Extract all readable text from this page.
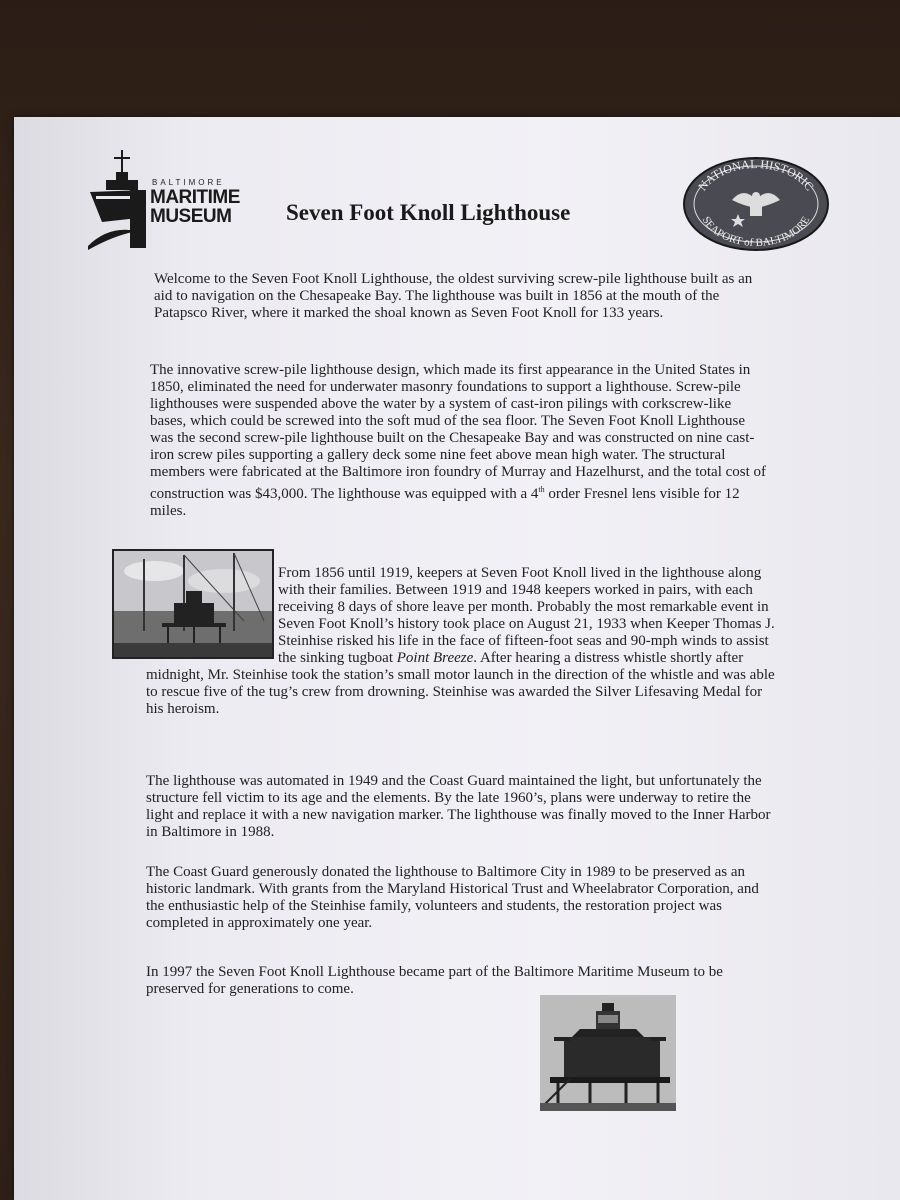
BALTIMORE
MARITIME
MUSEUM	Seven Foot Knoll Lighthouse
NATIONAL HISTORIC
SEAPORT of BALTIMORE

Welcome to the Seven Foot Knoll Lighthouse, the oldest surviving screw-pile lighthouse built as an aid to navigation on the Chesapeake Bay. The lighthouse was built in 1856 at the mouth of the Patapsco River, where it marked the shoal known as Seven Foot Knoll for 133 years.

The innovative screw-pile lighthouse design, which made its first appearance in the United States in 1850, eliminated the need for underwater masonry foundations to support a lighthouse. Screw-pile lighthouses were suspended above the water by a system of cast-iron pilings with corkscrew-like bases, which could be screwed into the soft mud of the sea floor. The Seven Foot Knoll Lighthouse was the second screw-pile lighthouse built on the Chesapeake Bay and was constructed on nine cast-iron screw piles supporting a gallery deck some nine feet above mean high water. The structural members were fabricated at the Baltimore iron foundry of Murray and Hazelhurst, and the total cost of construction was $43,000. The lighthouse was equipped with a 4th order Fresnel lens visible for 12 miles.

From 1856 until 1919, keepers at Seven Foot Knoll lived in the lighthouse along with their families. Between 1919 and 1948 keepers worked in pairs, with each receiving 8 days of shore leave per month. Probably the most remarkable event in Seven Foot Knoll’s history took place on August 21, 1933 when Keeper Thomas J. Steinhise risked his life in the face of fifteen-foot seas and 90-mph winds to assist the sinking tugboat Point Breeze. After hearing a distress whistle shortly after midnight, Mr. Steinhise took the station’s small motor launch in the direction of the whistle and was able to rescue five of the tug’s crew from drowning. Steinhise was awarded the Silver Lifesaving Medal for his heroism.

The lighthouse was automated in 1949 and the Coast Guard maintained the light, but unfortunately the structure fell victim to its age and the elements. By the late 1960’s, plans were underway to retire the light and replace it with a new navigation marker. The lighthouse was finally moved to the Inner Harbor in Baltimore in 1988.

The Coast Guard generously donated the lighthouse to Baltimore City in 1989 to be preserved as an historic landmark. With grants from the Maryland Historical Trust and Wheelabrator Corporation, and the enthusiastic help of the Steinhise family, volunteers and students, the restoration project was completed in approximately one year.

In 1997 the Seven Foot Knoll Lighthouse became part of the Baltimore Maritime Museum to be preserved for generations to come.
